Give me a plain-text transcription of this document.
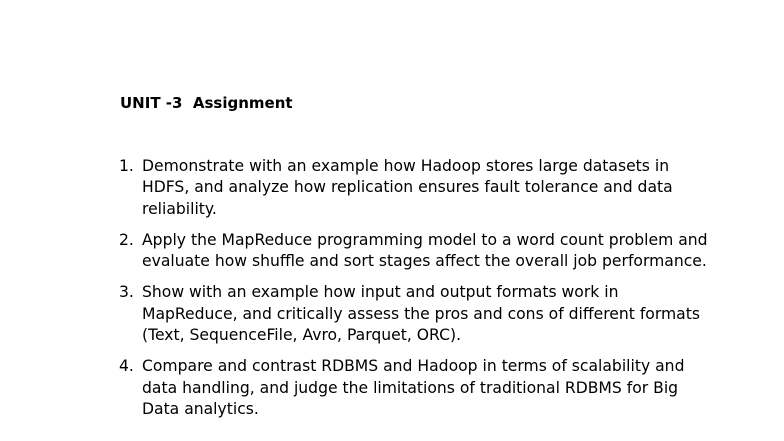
UNIT -3  Assignment
1. Demonstrate with an example how Hadoop stores large datasets in HDFS, and analyze how replication ensures fault tolerance and data reliability.
2. Apply the MapReduce programming model to a word count problem and evaluate how shuffle and sort stages affect the overall job performance.
3. Show with an example how input and output formats work in MapReduce, and critically assess the pros and cons of different formats (Text, SequenceFile, Avro, Parquet, ORC).
4. Compare and contrast RDBMS and Hadoop in terms of scalability and data handling, and judge the limitations of traditional RDBMS for Big Data analytics.
